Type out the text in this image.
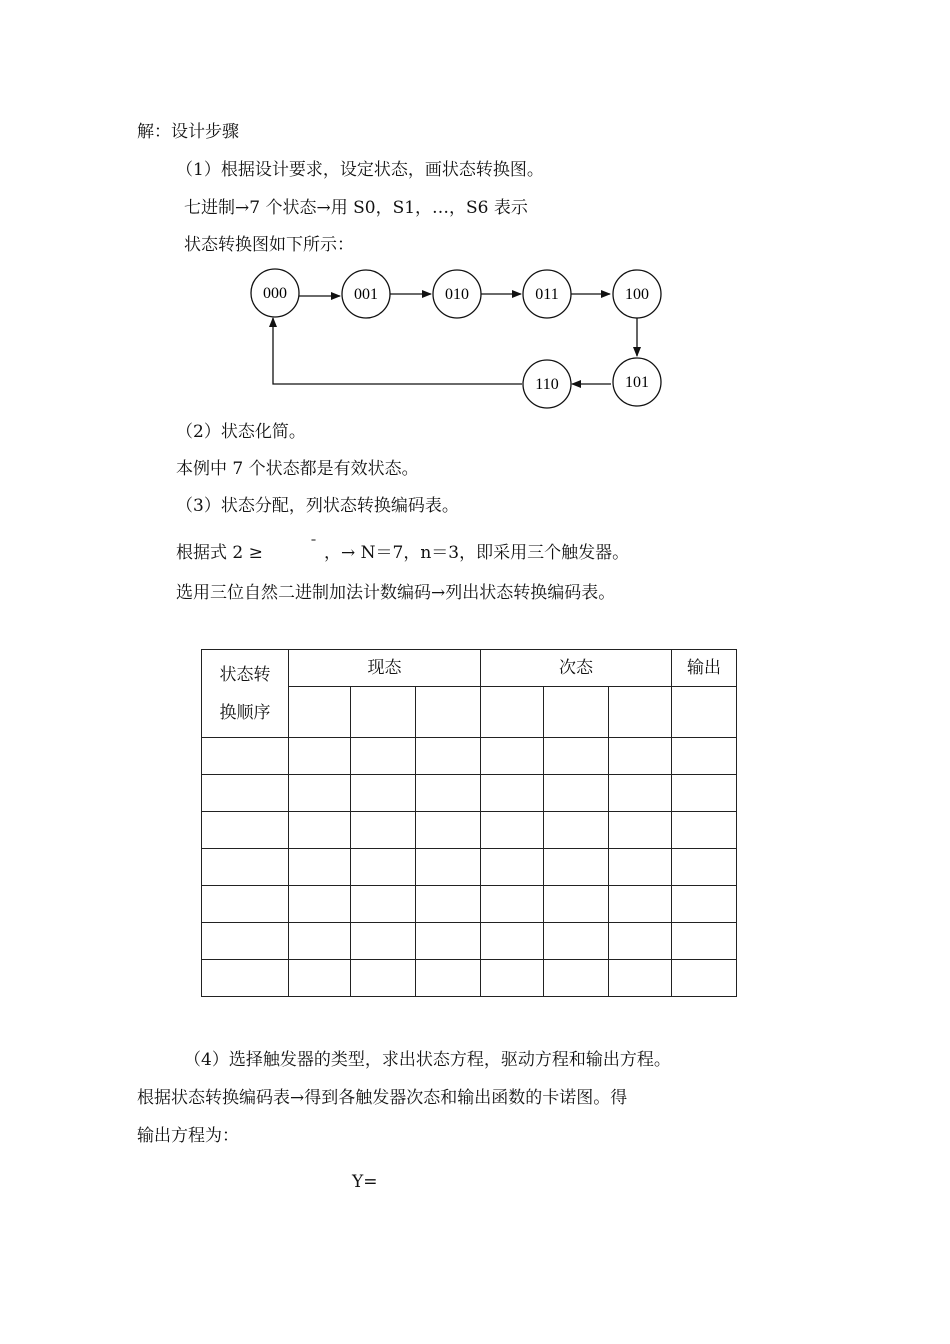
解：设计步骤
（1）根据设计要求，设定状态，画状态转换图。
七进制→7 个状态→用 S0，S1，…，S6 表示
状态转换图如下所示：
000	001	010	011	100
101
110
（2）状态化简。
本例中 7 个状态都是有效状态。
（3）状态分配，列状态转换编码表。
根据式 2 ≥	ˉ ，→ N＝7，n＝3，即采用三个触发器。
选用三位自然二进制加法计数编码→列出状态转换编码表。
状态转
换顺序	现态			次态			输出

（4）选择触发器的类型，求出状态方程，驱动方程和输出方程。
根据状态转换编码表→得到各触发器次态和输出函数的卡诺图。得
输出方程为：
Y=
